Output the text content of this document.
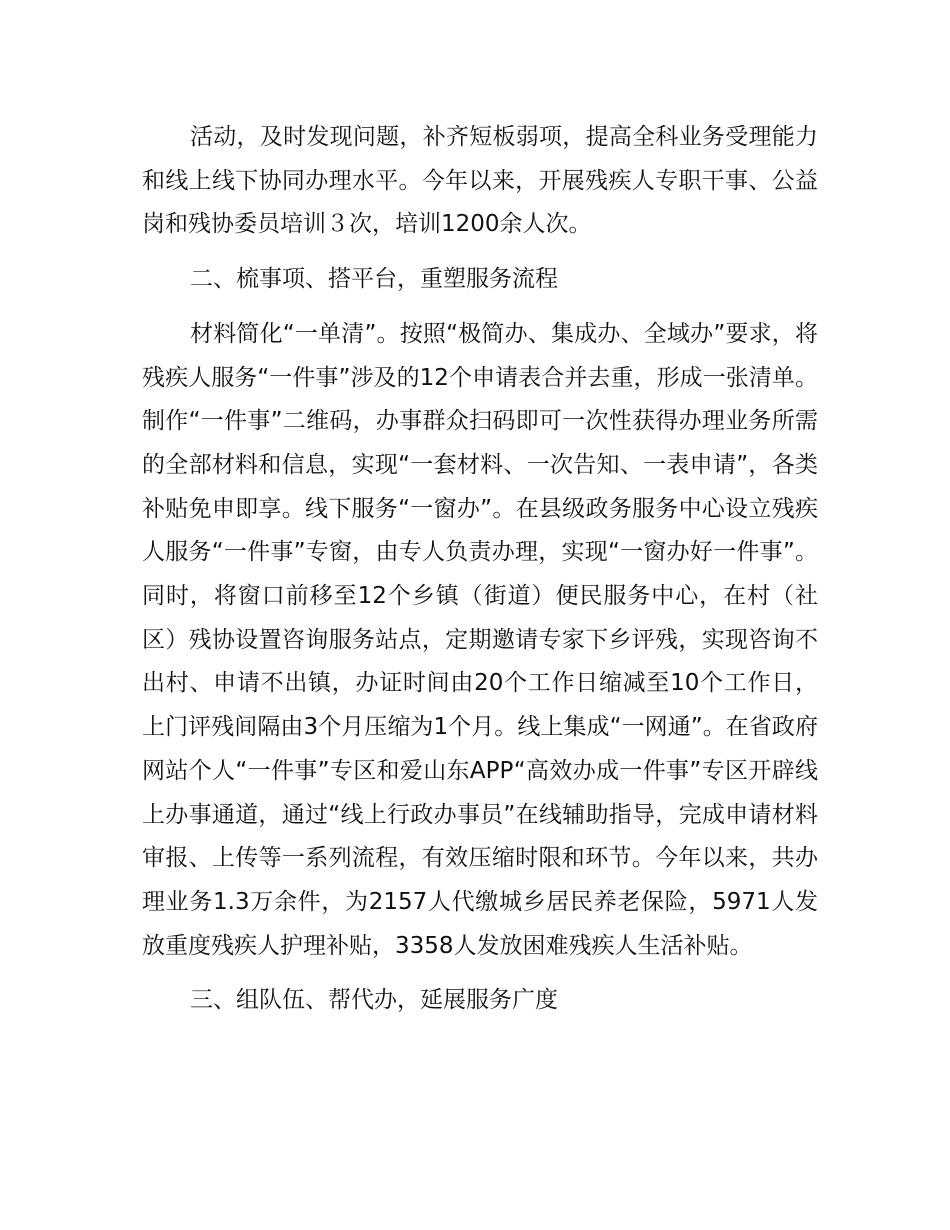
活动，及时发现问题，补齐短板弱项，提高全科业务受理能力和线上线下协同办理水平。今年以来，开展残疾人专职干事、公益岗和残协委员培训３次，培训1200余人次。

二、梳事项、搭平台，重塑服务流程

材料简化“一单清”。按照“极简办、集成办、全域办”要求，将残疾人服务“一件事”涉及的12个申请表合并去重，形成一张清单。制作“一件事”二维码，办事群众扫码即可一次性获得办理业务所需的全部材料和信息，实现“一套材料、一次告知、一表申请”，各类补贴免申即享。线下服务“一窗办”。在县级政务服务中心设立残疾人服务“一件事”专窗，由专人负责办理，实现“一窗办好一件事”。同时，将窗口前移至12个乡镇（街道）便民服务中心，在村（社区）残协设置咨询服务站点，定期邀请专家下乡评残，实现咨询不出村、申请不出镇，办证时间由20个工作日缩减至10个工作日，上门评残间隔由3个月压缩为1个月。线上集成“一网通”。在省政府网站个人“一件事”专区和爱山东APP“高效办成一件事”专区开辟线上办事通道，通过“线上行政办事员”在线辅助指导，完成申请材料审报、上传等一系列流程，有效压缩时限和环节。今年以来，共办理业务1.3万余件，为2157人代缴城乡居民养老保险，5971人发放重度残疾人护理补贴，3358人发放困难残疾人生活补贴。

三、组队伍、帮代办，延展服务广度
